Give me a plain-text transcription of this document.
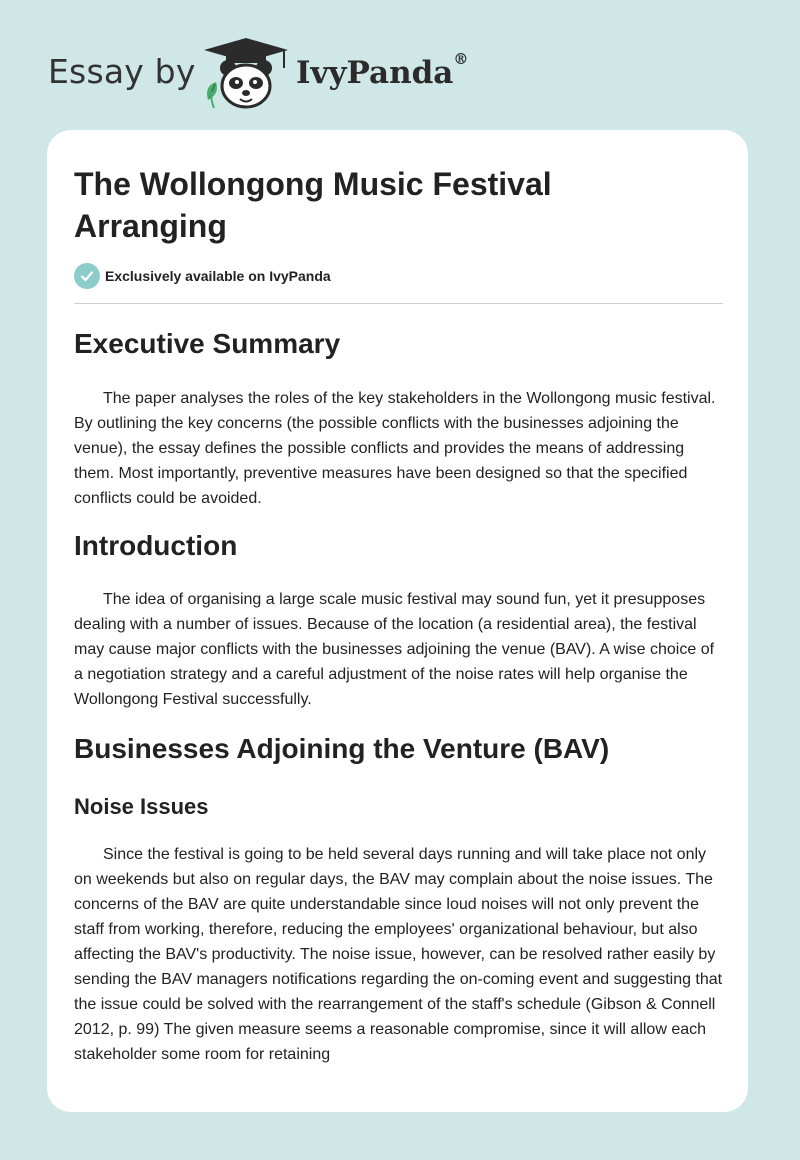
Essay by	IvyPanda®
The Wollongong Music Festival Arranging
Exclusively available on IvyPanda
Executive Summary

The paper analyses the roles of the key stakeholders in the Wollongong music festival. By outlining the key concerns (the possible conflicts with the businesses adjoining the venue), the essay defines the possible conflicts and provides the means of addressing them. Most importantly, preventive measures have been designed so that the specified conflicts could be avoided.

Introduction

The idea of organising a large scale music festival may sound fun, yet it presupposes dealing with a number of issues. Because of the location (a residential area), the festival may cause major conflicts with the businesses adjoining the venue (BAV). A wise choice of a negotiation strategy and a careful adjustment of the noise rates will help organise the Wollongong Festival successfully.

Businesses Adjoining the Venture (BAV)
Noise Issues

Since the festival is going to be held several days running and will take place not only on weekends but also on regular days, the BAV may complain about the noise issues. The concerns of the BAV are quite understandable since loud noises will not only prevent the staff from working, therefore, reducing the employees' organizational behaviour, but also affecting the BAV's productivity. The noise issue, however, can be resolved rather easily by sending the BAV managers notifications regarding the on-coming event and suggesting that the issue could be solved with the rearrangement of the staff's schedule (Gibson & Connell 2012, p. 99) The given measure seems a reasonable compromise, since it will allow each stakeholder some room for retaining
